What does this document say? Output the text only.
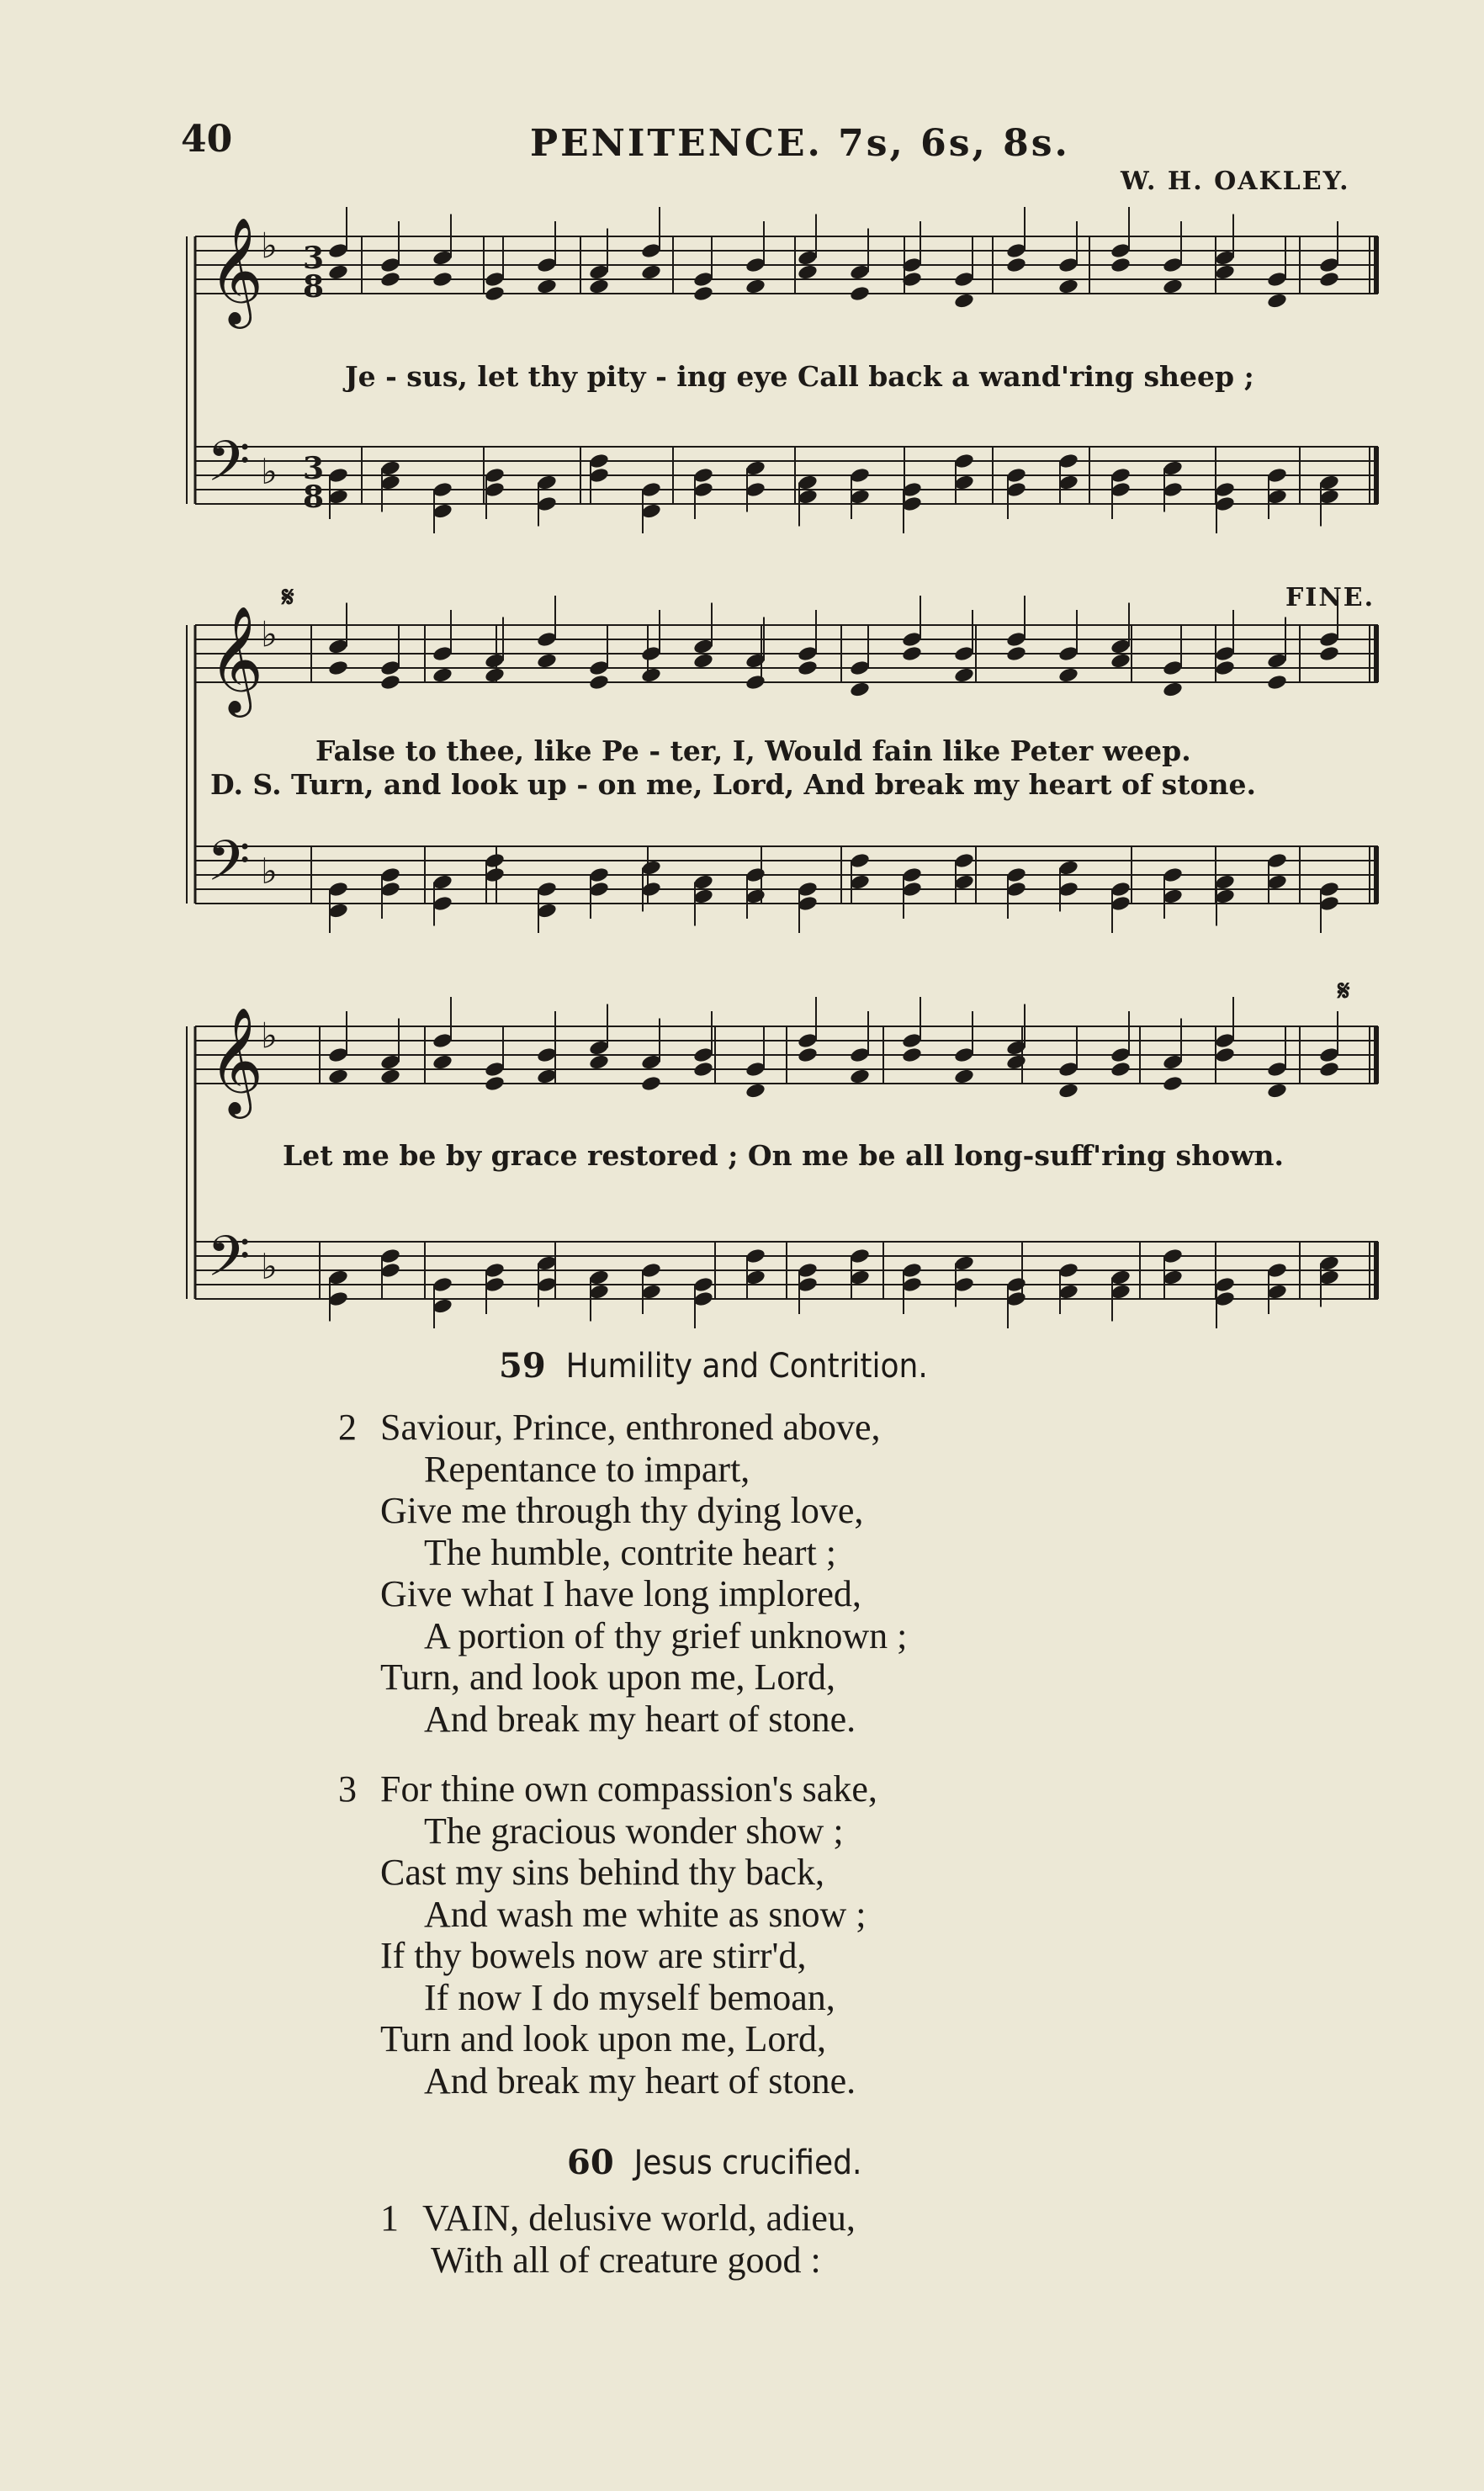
40	PENITENCE. 7s, 6s, 8s.
W. H. OAKLEY.
𝄞
♭
𝄢 ♭
𝄞
♭
𝄢 ♭
𝄞
♭
𝄢 ♭
3
8
3
8
Je - sus, let thy pity - ing eye Call back a wand'ring sheep ;
𝄋	FINE.
False to thee, like Pe - ter, I, Would fain like Peter weep.
D. S. Turn, and look up - on me, Lord, And break my heart of stone.
𝄋
Let me be by grace restored ; On me be all long-suff'ring shown.
59 Humility and Contrition.
2 Saviour, Prince, enthroned above,
Repentance to impart,
Give me through thy dying love,
The humble, contrite heart ;
Give what I have long implored,
A portion of thy grief unknown ;
Turn, and look upon me, Lord,
And break my heart of stone.
3 For thine own compassion's sake,
The gracious wonder show ;
Cast my sins behind thy back,
And wash me white as snow ;
If thy bowels now are stirr'd,
If now I do myself bemoan,
Turn and look upon me, Lord,
And break my heart of stone.
60 Jesus crucified.
1 VAIN, delusive world, adieu,
With all of creature good :
